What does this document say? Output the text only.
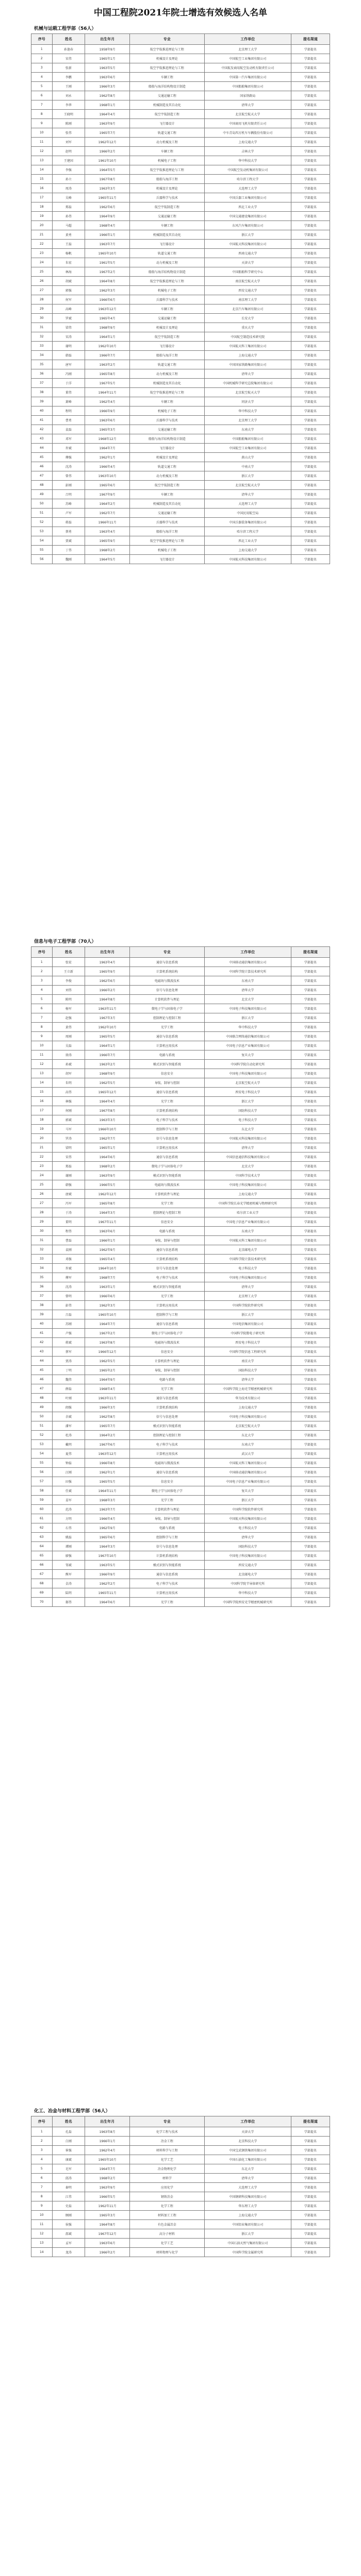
中国工程院2021年院士增选有效候选人名单
机械与运载工程学部（56人）
序号	姓名	出生年月	专业	工作单位	提名渠道
1	孙逢春	1958年9月	航空宇航推进理论与工程	北京理工大学	学部提名
2	宋伟	1965年1月	机械设计及理论	中国航空工业集团有限公司	学部提名
3	张新	1963年5月	航空宇航推进理论与工程	中国航发商用航空发动机有限责任公司	学部提名
4	李鹏	1963年6月	车辆工程	中国第一汽车集团有限公司	学部提名
5	王刚	1966年3月	船舶与海洋结构物设计制造	中国船舶集团有限公司	学部提名
6	刘永	1962年8月	交通运输工程	国家铁路局	学部提名
7	李华	1968年1月	机械制造及其自动化	清华大学	学部提名
8	王晓明	1964年4月	航空宇航制造工程	北京航空航天大学	学部提名
9	陈刚	1963年9月	飞行器设计	中国商用飞机有限责任公司	学部提名
10	张伟	1965年7月	轨道交通工程	中车青岛四方机车车辆股份有限公司	学部提名
11	刘军	1962年12月	动力机械及工程	上海交通大学	学部提名
12	赵明	1966年2月	车辆工程	吉林大学	学部提名
13	王建国	1961年10月	机械电子工程	华中科技大学	学部提名
14	李强	1964年5月	航空宇航推进理论与工程	中国航空发动机集团有限公司	学部提名
15	孙立	1967年8月	船舶与海洋工程	哈尔滨工程大学	学部提名
16	周涛	1963年3月	机械设计及理论	大连理工大学	学部提名
17	吴峰	1965年11月	兵器科学与技术	中国兵器工业集团有限公司	学部提名
18	郑磊	1962年6月	航空宇航制造工程	西北工业大学	学部提名
19	孙伟	1964年9月	交通运输工程	中国交通建设集团有限公司	学部提名
20	马超	1968年4月	车辆工程	东风汽车集团有限公司	学部提名
21	黄勇	1966年1月	机械制造及其自动化	浙江大学	学部提名
22	王磊	1963年7月	飞行器设计	中国航天科技集团有限公司	学部提名
23	杨帆	1965年10月	轨道交通工程	西南交通大学	学部提名
24	朱宏	1961年5月	动力机械及工程	天津大学	学部提名
25	林海	1967年2月	船舶与海洋结构物设计制造	中国船舶科学研究中心	学部提名
26	胡斌	1964年8月	航空宇航推进理论与工程	南京航空航天大学	学部提名
27	郭强	1962年3月	机械电子工程	西安交通大学	学部提名
28	何军	1966年6月	兵器科学与技术	南京理工大学	学部提名
29	高峰	1963年12月	车辆工程	北京汽车集团有限公司	学部提名
30	罗斌	1965年4月	交通运输工程	长安大学	学部提名
31	梁伟	1968年9月	机械设计及理论	重庆大学	学部提名
32	宋涛	1964年1月	航空宇航制造工程	中国航空制造技术研究院	学部提名
33	谢明	1962年10月	飞行器设计	中国航天科工集团有限公司	学部提名
34	韩磊	1966年7月	船舶与海洋工程	上海交通大学	学部提名
35	唐军	1963年2月	轨道交通工程	中国国家铁路集团有限公司	学部提名
36	冯刚	1965年8月	动力机械及工程	清华大学	学部提名
37	于洋	1967年5月	机械制造及其自动化	中国机械科学研究总院集团有限公司	学部提名
38	董伟	1964年11月	航空宇航推进理论与工程	北京航空航天大学	学部提名
39	萧峰	1962年4月	车辆工程	同济大学	学部提名
40	程明	1966年9月	机械电子工程	华中科技大学	学部提名
41	曹勇	1963年6月	兵器科学与技术	北京理工大学	学部提名
42	袁磊	1965年3月	交通运输工程	东南大学	学部提名
43	邓军	1968年12月	船舶与海洋结构物设计制造	中国船舶集团有限公司	学部提名
44	许斌	1964年7月	飞行器设计	中国航空工业集团有限公司	学部提名
45	傅强	1962年1月	机械设计及理论	燕山大学	学部提名
46	沈涛	1966年4月	轨道交通工程	中南大学	学部提名
47	曾伟	1963年10月	动力机械及工程	浙江大学	学部提名
48	彭刚	1965年6月	航空宇航制造工程	北京航空航天大学	学部提名
49	吕明	1967年9月	车辆工程	清华大学	学部提名
50	苏峰	1964年2月	机械制造及其自动化	大连理工大学	学部提名
51	卢军	1962年7月	交通运输工程	中国民用航空局	学部提名
52	蒋磊	1966年11月	兵器科学与技术	中国兵器装备集团有限公司	学部提名
53	蔡勇	1963年4月	船舶与海洋工程	哈尔滨工程大学	学部提名
54	贾斌	1965年9月	航空宇航推进理论与工程	西北工业大学	学部提名
55	丁伟	1968年2月	机械电子工程	上海交通大学	学部提名
56	魏刚	1964年5月	飞行器设计	中国航天科技集团有限公司	学部提名
信息与电子工程学部（70人）
序号	姓名	出生年月	专业	工作单位	提名渠道
1	张宏	1963年4月	通信与信息系统	中国移动通信集团有限公司	学部提名
2	王立新	1965年9月	计算机系统结构	中国科学院计算技术研究所	学部提名
3	李俊	1962年6月	电磁场与微波技术	东南大学	学部提名
4	刘伟	1966年2月	信号与信息处理	清华大学	学部提名
5	陈明	1964年8月	计算机软件与理论	北京大学	学部提名
6	杨军	1963年11月	微电子学与固体电子学	中国电子科技集团有限公司	学部提名
7	赵强	1967年3月	控制理论与控制工程	浙江大学	学部提名
8	黄伟	1962年10月	光学工程	华中科技大学	学部提名
9	周刚	1965年5月	通信与信息系统	中国联合网络通信集团有限公司	学部提名
10	吴磊	1964年1月	计算机应用技术	中国电子信息产业集团有限公司	学部提名
11	徐涛	1966年7月	电路与系统	复旦大学	学部提名
12	孙斌	1963年2月	模式识别与智能系统	中国科学院自动化研究所	学部提名
13	胡军	1968年9月	信息安全	中国电子科技集团有限公司	学部提名
14	朱明	1962年5月	导航、制导与控制	北京航空航天大学	学部提名
15	高伟	1965年12月	通信与信息系统	西安电子科技大学	学部提名
16	林强	1964年4月	光学工程	浙江大学	学部提名
17	何刚	1967年8月	计算机系统结构	国防科技大学	学部提名
18	郭斌	1963年3月	电子科学与技术	电子科技大学	学部提名
19	马军	1966年10月	控制科学与工程	东北大学	学部提名
20	罗涛	1962年7月	信号与信息处理	中国航天科技集团有限公司	学部提名
21	梁明	1965年1月	计算机应用技术	清华大学	学部提名
22	宋伟	1964年6月	通信与信息系统	中国信息通信科技集团有限公司	学部提名
23	郑磊	1968年2月	微电子学与固体电子学	北京大学	学部提名
24	谢刚	1963年9月	模式识别与智能系统	中国科学技术大学	学部提名
25	韩强	1966年5月	电磁场与微波技术	中国电子科技集团有限公司	学部提名
26	唐斌	1962年12月	计算机软件与理论	上海交通大学	学部提名
27	冯军	1965年8月	光学工程	中国科学院长春光学精密机械与物理研究所	学部提名
28	于涛	1964年3月	控制理论与控制工程	哈尔滨工业大学	学部提名
29	董明	1967年11月	信息安全	中国电子信息产业集团有限公司	学部提名
30	程伟	1963年6月	电路与系统	东南大学	学部提名
31	曹磊	1966年1月	导航、制导与控制	中国航天科工集团有限公司	学部提名
32	袁刚	1962年9月	通信与信息系统	北京邮电大学	学部提名
33	邓强	1965年4月	计算机系统结构	中国科学院计算技术研究所	学部提名
34	许斌	1964年10月	信号与信息处理	电子科技大学	学部提名
35	傅军	1968年7月	电子科学与技术	中国电子科技集团有限公司	学部提名
36	沈涛	1963年1月	模式识别与智能系统	清华大学	学部提名
37	曾明	1966年6月	光学工程	北京理工大学	学部提名
38	彭伟	1962年3月	计算机应用技术	中国科学院软件研究所	学部提名
39	吕磊	1965年10月	控制科学与工程	浙江大学	学部提名
40	苏刚	1964年7月	通信与信息系统	中国电信集团有限公司	学部提名
41	卢强	1967年2月	微电子学与固体电子学	中国科学院微电子研究所	学部提名
42	蒋斌	1963年8月	电磁场与微波技术	西安电子科技大学	学部提名
43	蔡军	1966年12月	信息安全	中国科学院信息工程研究所	学部提名
44	贾涛	1962年5月	计算机软件与理论	南京大学	学部提名
45	丁明	1965年2月	导航、制导与控制	国防科技大学	学部提名
46	魏伟	1964年9月	电路与系统	清华大学	学部提名
47	薛磊	1968年4月	光学工程	中国科学院上海光学精密机械研究所	学部提名
48	叶刚	1963年11月	通信与信息系统	华为技术有限公司	学部提名
49	阎强	1966年3月	计算机系统结构	上海交通大学	学部提名
50	余斌	1962年8月	信号与信息处理	中国电子科技集团有限公司	学部提名
51	潘军	1965年7月	模式识别与智能系统	北京航空航天大学	学部提名
52	杜涛	1964年2月	控制理论与控制工程	东北大学	学部提名
53	戴明	1967年6月	电子科学与技术	东南大学	学部提名
54	夏伟	1963年12月	计算机应用技术	武汉大学	学部提名
55	钟磊	1966年8月	电磁场与微波技术	中国航天科工集团有限公司	学部提名
56	汪刚	1962年1月	通信与信息系统	中国移动通信集团有限公司	学部提名
57	田强	1965年5月	信息安全	中国电子信息产业集团有限公司	学部提名
58	任斌	1964年11月	微电子学与固体电子学	复旦大学	学部提名
59	姜军	1968年3月	光学工程	浙江大学	学部提名
60	范涛	1963年7月	计算机软件与理论	中国科学院软件研究所	学部提名
61	方明	1966年4月	导航、制导与控制	中国航天科技集团有限公司	学部提名
62	石伟	1962年9月	电路与系统	电子科技大学	学部提名
63	姚磊	1965年6月	控制科学与工程	清华大学	学部提名
64	谭刚	1964年3月	信号与信息处理	国防科技大学	学部提名
65	廖强	1967年10月	计算机系统结构	中国电子科技集团有限公司	学部提名
66	邹斌	1963年5月	模式识别与智能系统	西安交通大学	学部提名
67	熊军	1966年9月	通信与信息系统	北京邮电大学	学部提名
68	金涛	1962年2月	电子科学与技术	中国科学院半导体研究所	学部提名
69	陆明	1965年11月	计算机应用技术	华中科技大学	学部提名
70	郝伟	1964年6月	光学工程	中国科学院西安光学精密机械研究所	学部提名
化工、冶金与材料工程学部（56人）
序号	姓名	出生年月	专业	工作单位	提名渠道
1	孔磊	1963年8月	化学工程与技术	天津大学	学部提名
2	白刚	1966年1月	冶金工程	北京科技大学	学部提名
3	崔强	1962年4月	材料科学与工程	中国宝武钢铁集团有限公司	学部提名
4	康斌	1965年10月	化学工艺	中国石油化工集团有限公司	学部提名
5	毛军	1964年7月	冶金物理化学	东北大学	学部提名
6	邱涛	1968年2月	材料学	清华大学	学部提名
7	秦明	1963年9月	应用化学	大连理工大学	学部提名
8	江伟	1966年5月	钢铁冶金	中国钢研科技集团有限公司	学部提名
9	史磊	1962年11月	化学工程	华东理工大学	学部提名
10	顾刚	1965年3月	材料加工工程	上海交通大学	学部提名
11	侯强	1964年8月	有色金属冶金	中国铝业集团有限公司	学部提名
12	邵斌	1967年12月	高分子材料	浙江大学	学部提名
13	孟军	1963年6月	化学工艺	中国石油天然气集团有限公司	学部提名
14	龙涛	1966年2月	材料物理与化学	中国科学院金属研究所	学部提名
